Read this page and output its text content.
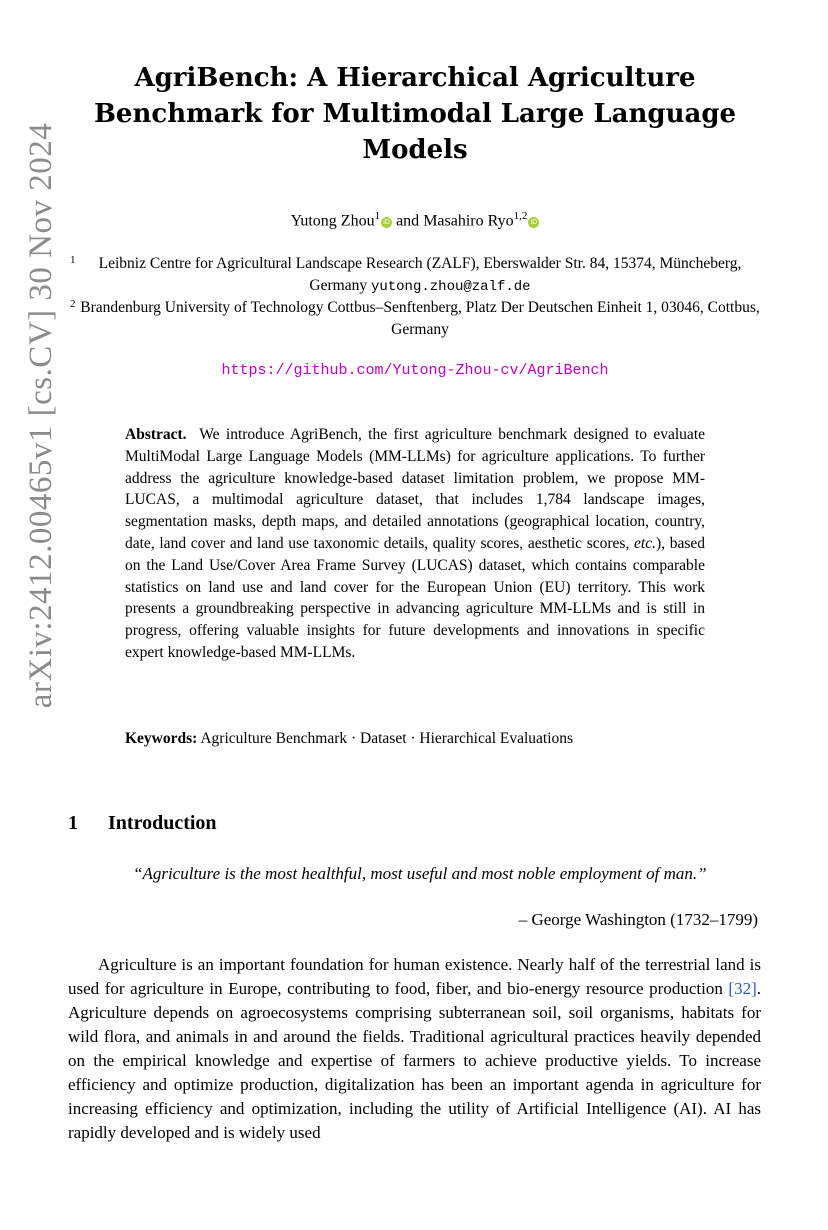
arXiv:2412.00465v1 [cs.CV] 30 Nov 2024
AgriBench: A Hierarchical Agriculture Benchmark for Multimodal Large Language Models
Yutong Zhou$^1$iD and Masahiro Ryo$^{1,2}$iD
1 Leibniz Centre for Agricultural Landscape Research (ZALF), Eberswalder Str. 84, 15374, Müncheberg, Germany yutong.zhou@zalf.de
2 Brandenburg University of Technology Cottbus–Senftenberg, Platz Der Deutschen Einheit 1, 03046, Cottbus, Germany
https://github.com/Yutong-Zhou-cv/AgriBench
Abstract. We introduce AgriBench, the first agriculture benchmark designed to evaluate MultiModal Large Language Models (MM-LLMs) for agriculture applications. To further address the agriculture knowledge-based dataset limitation problem, we propose MM-LUCAS, a multimodal agriculture dataset, that includes 1,784 landscape images, segmentation masks, depth maps, and detailed annotations (geographical location, country, date, land cover and land use taxonomic details, quality scores, aesthetic scores, etc.), based on the Land Use/Cover Area Frame Survey (LUCAS) dataset, which contains comparable statistics on land use and land cover for the European Union (EU) territory. This work presents a groundbreaking perspective in advancing agriculture MM-LLMs and is still in progress, offering valuable insights for future developments and innovations in specific expert knowledge-based MM-LLMs.
Keywords: Agriculture Benchmark · Dataset · Hierarchical Evaluations
1 Introduction
“Agriculture is the most healthful, most useful and most noble employment of man.”
– George Washington (1732–1799)
Agriculture is an important foundation for human existence. Nearly half of the terrestrial land is used for agriculture in Europe, contributing to food, fiber, and bio-energy resource production [32]. Agriculture depends on agroecosystems comprising subterranean soil, soil organisms, habitats for wild flora, and animals in and around the fields. Traditional agricultural practices heavily depended on the empirical knowledge and expertise of farmers to achieve productive yields. To increase efficiency and optimize production, digitalization has been an important agenda in agriculture for increasing efficiency and optimization, including the utility of Artificial Intelligence (AI). AI has rapidly developed and is widely used
